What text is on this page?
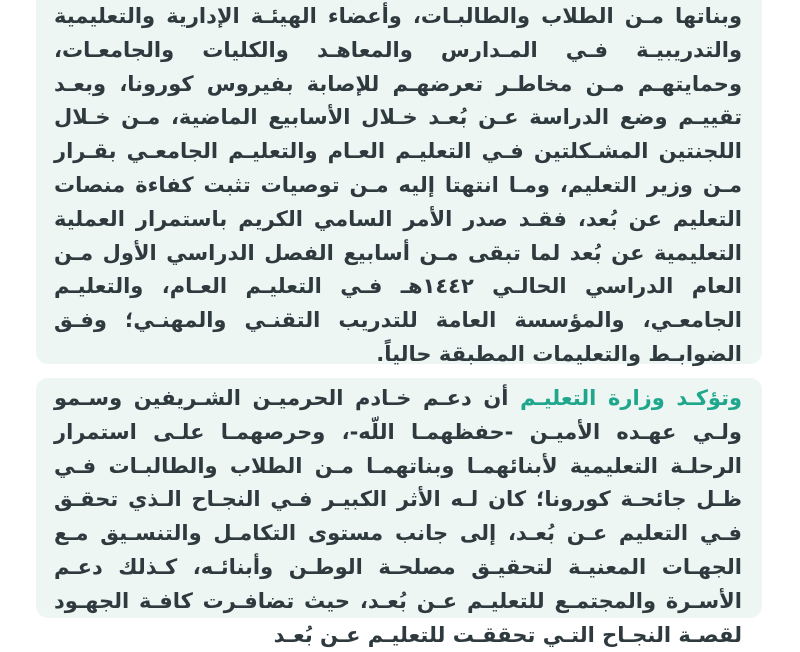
وبناتها مـن الطلاب والطالبـات، وأعضاء الهيئـة الإدارية والتعليمية والتدريبيـة فـي المـدارس والمعاهـد والكليات والجامعـات، وحمايتهـم مـن مخاطـر تعرضهـم للإصابة بفيروس كورونا، وبعـد تقييـم وضع الدراسة عـن بُعـد خـلال الأسابيع الماضية، مـن خـلال اللجنتين المشـكلتين فـي التعليـم العـام والتعليـم الجامعـي بقـرار مـن وزير التعليم، ومـا انتهتا إليه مـن توصيات تثبت كفاءة منصات التعليم عن بُعد، فقـد صدر الأمر السامي الكريم باستمرار العملية التعليمية عن بُعد لما تبقى مـن أسابيع الفصل الدراسي الأول مـن العام الدراسي الحالـي ١٤٤٢هـ فـي التعليـم العـام، والتعليـم الجامعـي، والمؤسسة العامة للتدريب التقنـي والمهنـي؛ وفـق الضوابـط والتعليمات المطبقة حالياً.

وتؤكـد وزارة التعليـم أن دعـم خـادم الحرميـن الشـريفين وسـمو ولـي عهـده الأميـن -حفظهمـا اللّه-، وحرصهمـا علـى استمرار الرحلـة التعليمية لأبنائهمـا وبناتهمـا مـن الطلاب والطالبـات فـي ظـل جائحـة كورونا؛ كان لـه الأثر الكبيـر فـي النجـاح الـذي تحقـق فـي التعليم عـن بُعـد، إلى جانب مستوى التكامـل والتنسـيق مـع الجهـات المعنيـة لتحقيـق مصلحـة الوطـن وأبنائـه، كـذلك دعـم الأسـرة والمجتمـع للتعليـم عـن بُعـد، حيث تضافـرت كافـة الجهـود لقصـة النجـاح التـي تحققـت للتعليـم عـن بُعـد
